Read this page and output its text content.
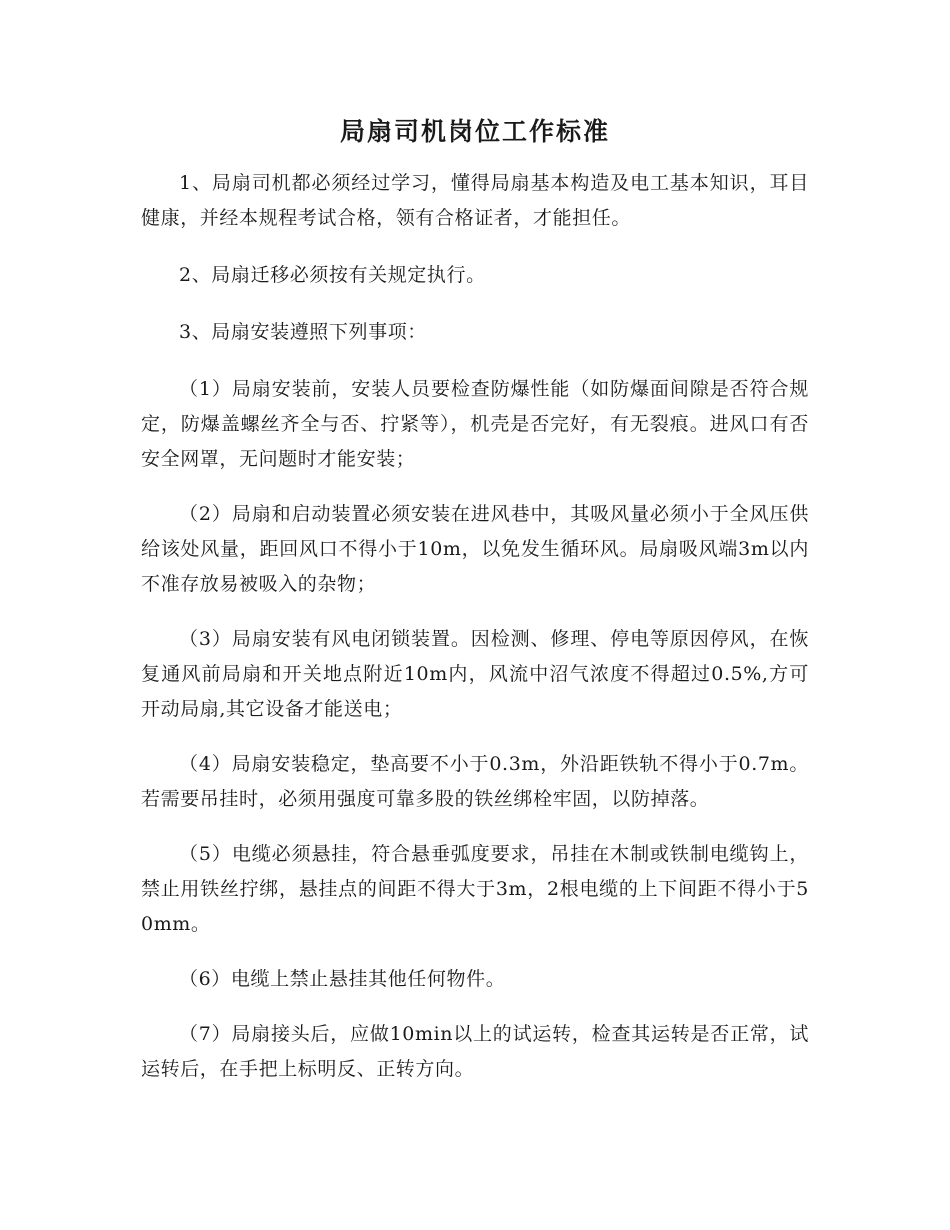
局扇司机岗位工作标准

1、局扇司机都必须经过学习，懂得局扇基本构造及电工基本知识，耳目健康，并经本规程考试合格，领有合格证者，才能担任。

2、局扇迁移必须按有关规定执行。

3、局扇安装遵照下列事项：

（1）局扇安装前，安装人员要检查防爆性能（如防爆面间隙是否符合规定，防爆盖螺丝齐全与否、拧紧等），机壳是否完好，有无裂痕。进风口有否安全网罩，无问题时才能安装；

（2）局扇和启动装置必须安装在进风巷中，其吸风量必须小于全风压供给该处风量，距回风口不得小于10m，以免发生循环风。局扇吸风端3m以内不准存放易被吸入的杂物；

（3）局扇安装有风电闭锁装置。因检测、修理、停电等原因停风，在恢复通风前局扇和开关地点附近10m内，风流中沼气浓度不得超过0.5%,方可开动局扇,其它设备才能送电；

（4）局扇安装稳定，垫高要不小于0.3m，外沿距铁轨不得小于0.7m。若需要吊挂时，必须用强度可靠多股的铁丝绑栓牢固，以防掉落。

（5）电缆必须悬挂，符合悬垂弧度要求，吊挂在木制或铁制电缆钩上，禁止用铁丝拧绑，悬挂点的间距不得大于3m，2根电缆的上下间距不得小于50mm。

（6）电缆上禁止悬挂其他任何物件。

（7）局扇接头后，应做10min以上的试运转，检查其运转是否正常，试运转后，在手把上标明反、正转方向。
